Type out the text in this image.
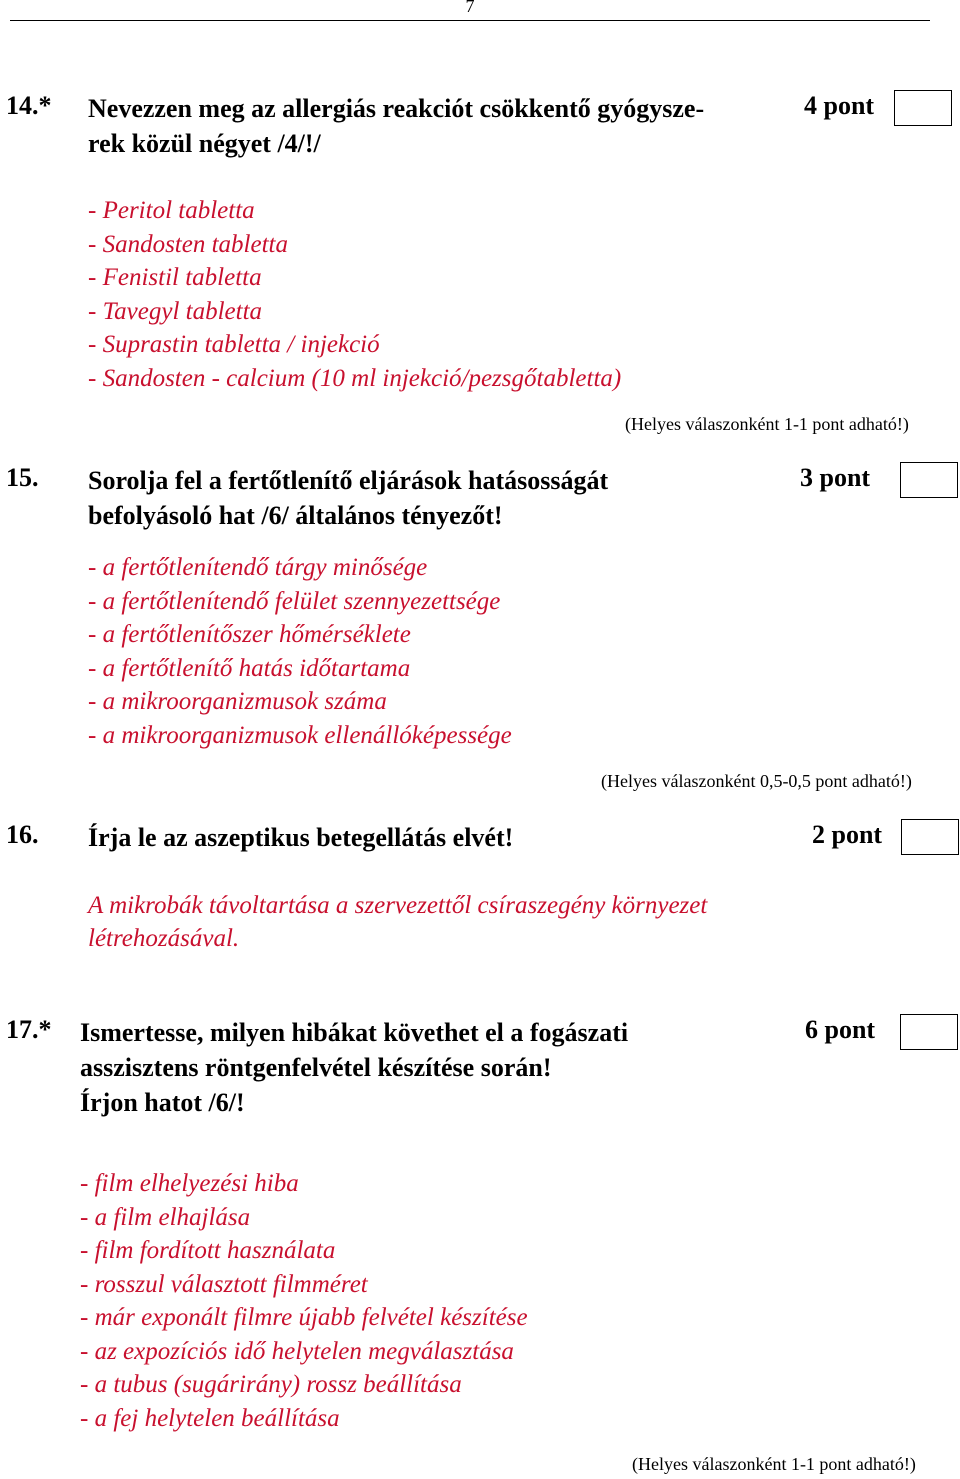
7
14.* Nevezzen meg az allergiás reakciót csökkentő gyógysze-
rek közül négyet /4/!/
4 pont
- Peritol tabletta
- Sandosten tabletta
- Fenistil tabletta
- Tavegyl tabletta
- Suprastin tabletta / injekció
- Sandosten - calcium (10 ml injekció/pezsgőtabletta)
(Helyes válaszonként 1-1 pont adható!)
15. Sorolja fel a fertőtlenítő eljárások hatásosságát
befolyásoló hat /6/ általános tényezőt!
3 pont
- a fertőtlenítendő tárgy minősége
- a fertőtlenítendő felület szennyezettsége
- a fertőtlenítőszer hőmérséklete
- a fertőtlenítő hatás időtartama
- a mikroorganizmusok száma
- a mikroorganizmusok ellenállóképessége
(Helyes válaszonként 0,5-0,5 pont adható!)
16. Írja le az aszeptikus betegellátás elvét!	2 pont
A mikrobák távoltartása a szervezettől csíraszegény környezet
létrehozásával.
17.* Ismertesse, milyen hibákat követhet el a fogászati
asszisztens röntgenfelvétel készítése során!
Írjon hatot /6/!
6 pont
- film elhelyezési hiba
- a film elhajlása
- film fordított használata
- rosszul választott filmméret
- már exponált filmre újabb felvétel készítése
- az expozíciós idő helytelen megválasztása
- a tubus (sugárirány) rossz beállítása
- a fej helytelen beállítása
(Helyes válaszonként 1-1 pont adható!)
